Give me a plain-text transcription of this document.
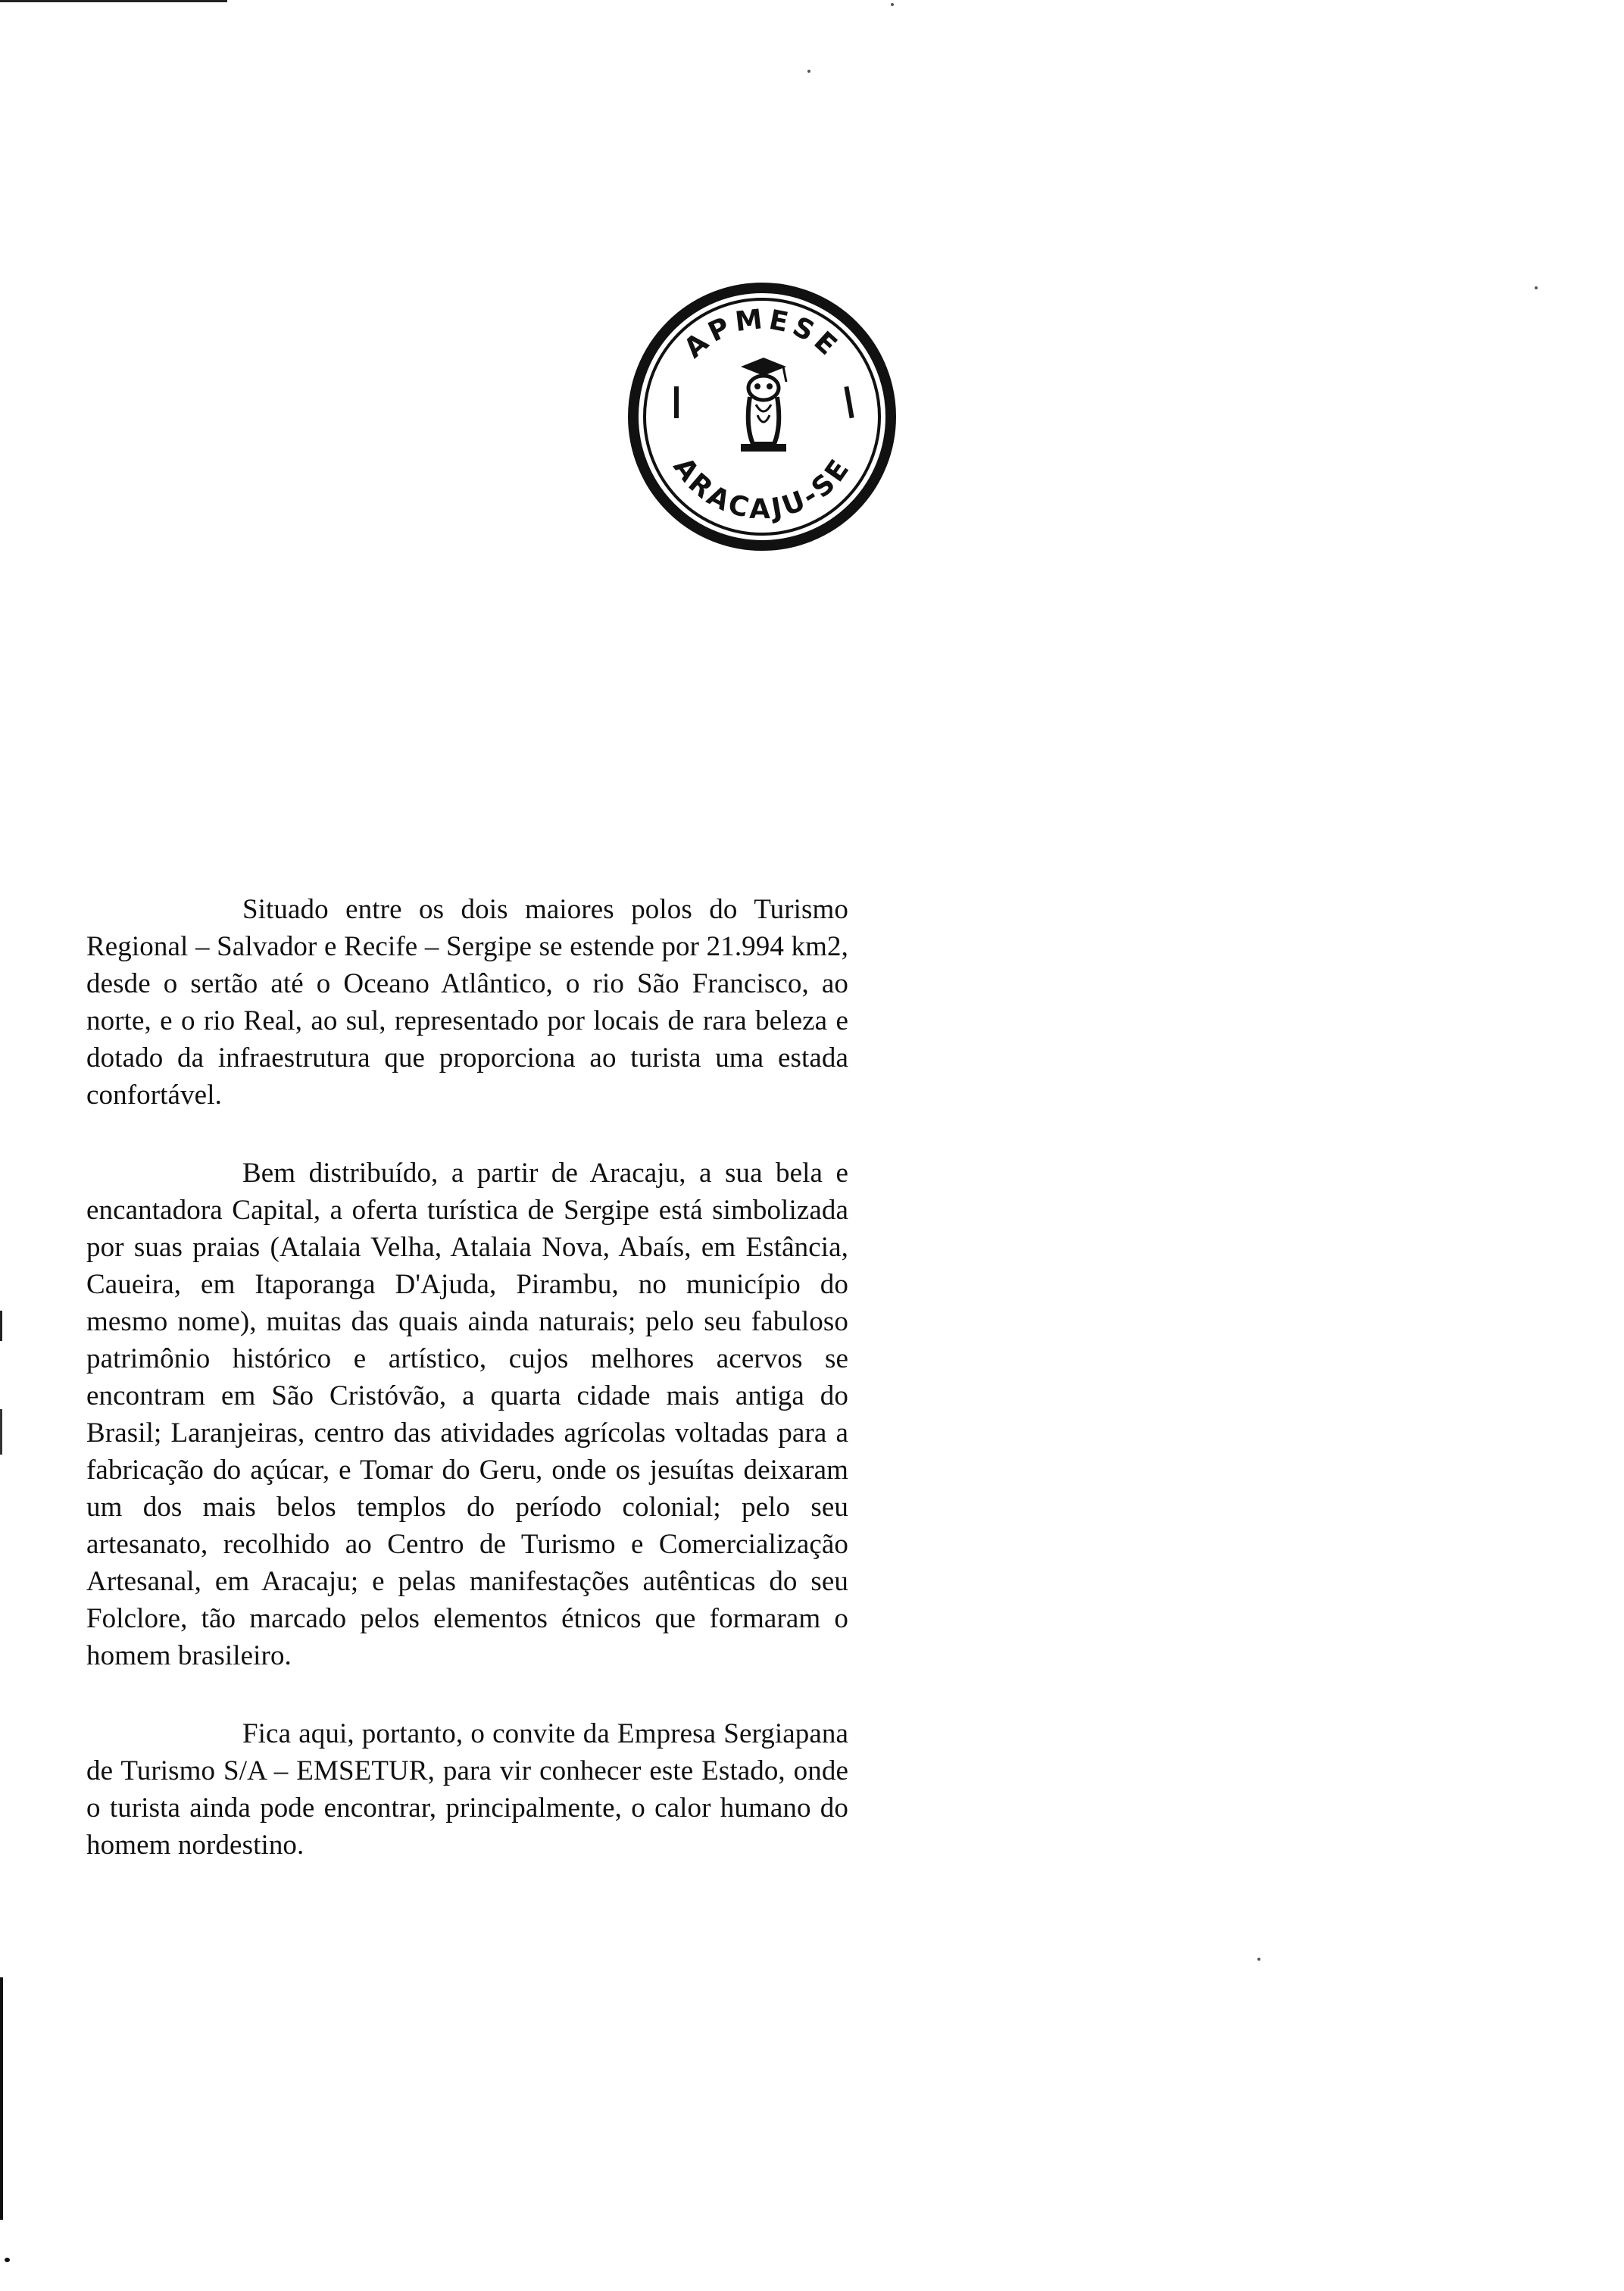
APMESE
ARACAJU-SE

Situado entre os dois maiores polos do Turismo Regional – Salvador e Recife – Sergipe se estende por 21.994 km2, desde o sertão até o Oceano Atlântico, o rio São Francisco, ao norte, e o rio Real, ao sul, representado por locais de rara beleza e dotado da infraestrutura que proporciona ao turista uma estada confortável.

Bem distribuído, a partir de Aracaju, a sua bela e encantadora Capital, a oferta turística de Sergipe está simbolizada por suas praias (Atalaia Velha, Atalaia Nova, Abaís, em Estância, Caueira, em Itaporanga D'Ajuda, Pirambu, no município do mesmo nome), muitas das quais ainda naturais; pelo seu fabuloso patrimônio histórico e artístico, cujos melhores acervos se encontram em São Cristóvão, a quarta cidade mais antiga do Brasil; Laranjeiras, centro das atividades agrícolas voltadas para a fabricação do açúcar, e Tomar do Geru, onde os jesuítas deixaram um dos mais belos templos do período colonial; pelo seu artesanato, recolhido ao Centro de Turismo e Comercialização Artesanal, em Aracaju; e pelas manifestações autênticas do seu Folclore, tão marcado pelos elementos étnicos que formaram o homem brasileiro.

Fica aqui, portanto, o convite da Empresa Sergiapana de Turismo S/A – EMSETUR, para vir conhecer este Estado, onde o turista ainda pode encontrar, principalmente, o calor humano do homem nordestino.
